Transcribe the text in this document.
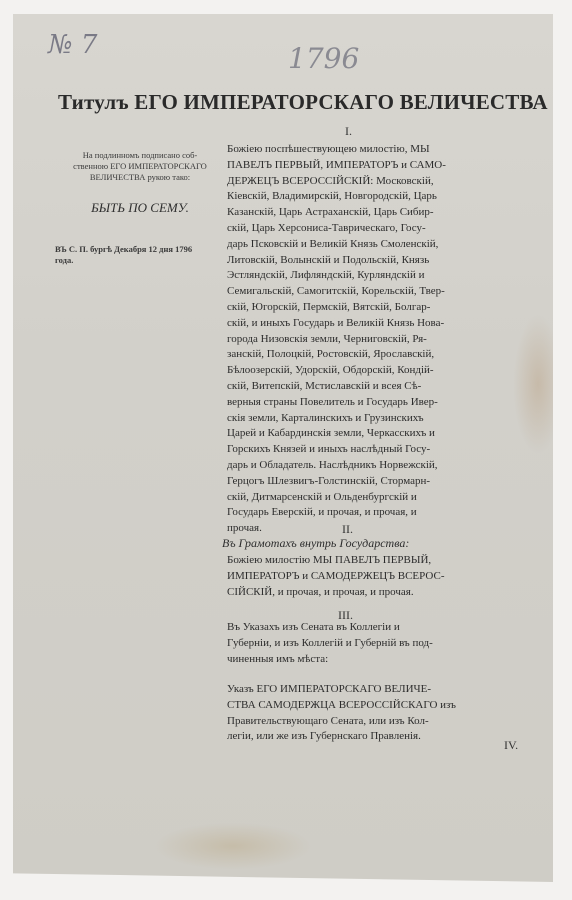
№ 7	1796
Титулъ ЕГО ИМПЕРАТОРСКАГО ВЕЛИЧЕСТВА
I.
На подлинномъ подписано соб-
ственною ЕГО ИМПЕРАТОРСКАГО
ВЕЛИЧЕСТВА рукою тако:
БЫТЬ ПО СЕМУ.
ВЪ С. П. бургѣ Декабря 12 дня 1796
года.
Божiею поспѣшествующею милостiю, МЫ
ПАВЕЛЪ ПЕРВЫЙ, ИМПЕРАТОРЪ и САМО-
ДЕРЖЕЦЪ ВСЕРОССIЙСКIЙ: Московскiй,
Кiевскiй, Владимирскiй, Новгородскiй, Царь
Казанскiй, Царь Астраханскiй, Царь Сибир-
скiй, Царь Херсониса-Таврическаго, Госу-
дарь Псковскiй и Великiй Князь Смоленскiй,
Литовскiй, Волынскiй и Подольскiй, Князь
Эстляндскiй, Лифляндскiй, Курляндскiй и
Семигальскiй, Самогитскiй, Корельскiй, Твер-
скiй, Югорскiй, Пермскiй, Вятскiй, Болгар-
скiй, и иныхъ Государь и Великiй Князь Нова-
города Низовскiя земли, Черниговскiй, Ря-
занскiй, Полоцкiй, Ростовскiй, Ярославскiй,
Бѣлоозерскiй, Удорскiй, Обдорскiй, Кондiй-
скiй, Витепскiй, Мстиславскiй и всея Сѣ-
верныя страны Повелитель и Государь Ивер-
скiя земли, Карталинскихъ и Грузинскихъ
Царей и Кабардинскiя земли, Черкасскихъ и
Горскихъ Князей и иныхъ наслѣдный Госу-
дарь и Обладатель. Наслѣдникъ Норвежскiй,
Герцогъ Шлезвигъ-Голстинскiй, Стормарн-
скiй, Дитмарсенскiй и Ольденбургскiй и
Государь Еверскiй, и прочая, и прочая, и
прочая.	II.
Въ Грамотахъ внутрь Государства:
Божiею милостiю МЫ ПАВЕЛЪ ПЕРВЫЙ,
ИМПЕРАТОРЪ и САМОДЕРЖЕЦЪ ВСЕРОС-
СIЙСКIЙ, и прочая, и прочая, и прочая.
III.
Въ Указахъ изъ Сената въ Коллегiи и
Губернiи, и изъ Коллегiй и Губернiй въ под-
чиненныя имъ мѣста:
Указъ ЕГО ИМПЕРАТОРСКАГО ВЕЛИЧЕ-
СТВА САМОДЕРЖЦА ВСЕРОССIЙСКАГО изъ
Правительствующаго Сената, или изъ Кол-
легiи, или же изъ Губернскаго Правленiя.
IV.
